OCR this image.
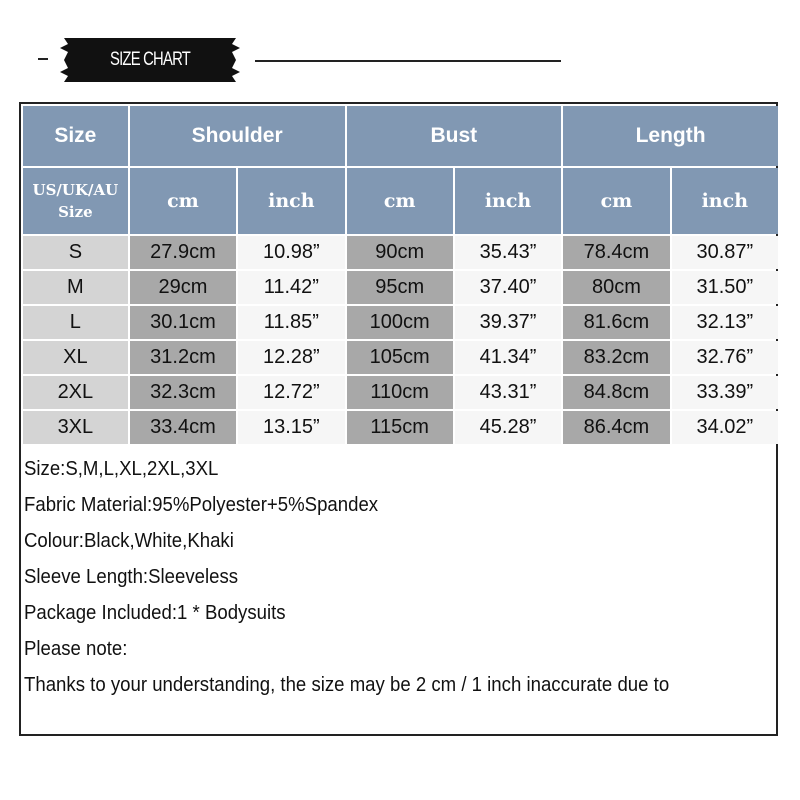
SIZE CHART
Size	Shoulder		Bust		Length	
US/UK/AU
Size	cm	inch	cm	inch	cm	inch
S	27.9cm	10.98”	90cm	35.43”	78.4cm	30.87”
M	29cm	11.42”	95cm	37.40”	80cm	31.50”
L	30.1cm	11.85”	100cm	39.37”	81.6cm	32.13”
XL	31.2cm	12.28”	105cm	41.34”	83.2cm	32.76”
2XL	32.3cm	12.72”	110cm	43.31”	84.8cm	33.39”
3XL	33.4cm	13.15”	115cm	45.28”	86.4cm	34.02”
Size:S,M,L,XL,2XL,3XL
Fabric Material:95%Polyester+5%Spandex
Colour:Black,White,Khaki
Sleeve Length:Sleeveless
Package Included:1 * Bodysuits
Please note:
Thanks to your understanding, the size may be 2 cm / 1 inch inaccurate due to
